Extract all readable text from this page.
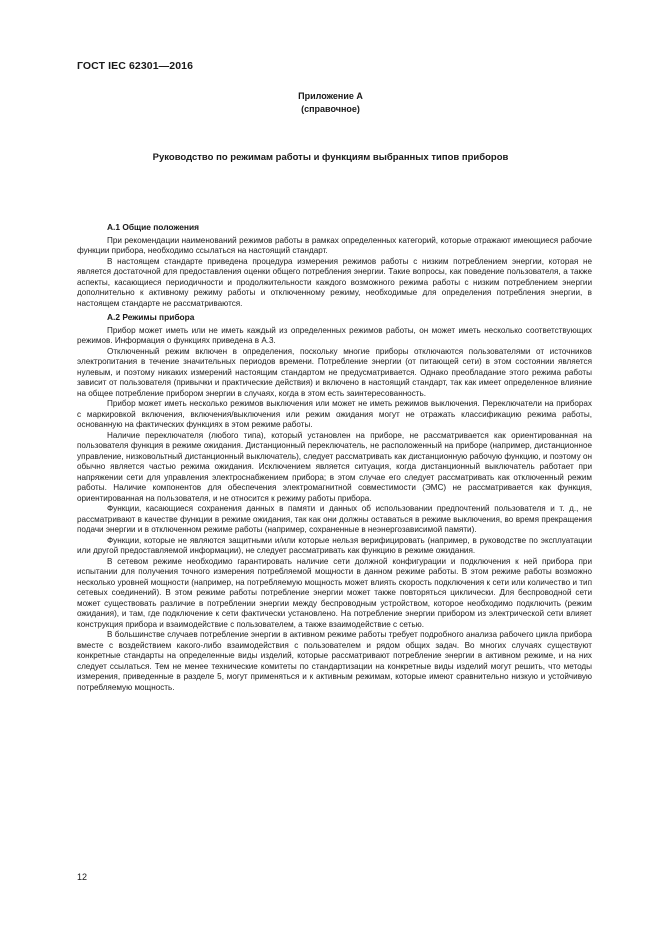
ГОСТ IEC 62301—2016
Приложение А
(справочное)
Руководство по режимам работы и функциям выбранных типов приборов
А.1 Общие положения

При рекомендации наименований режимов работы в рамках определенных категорий, которые отражают имеющиеся рабочие функции прибора, необходимо ссылаться на настоящий стандарт.

В настоящем стандарте приведена процедура измерения режимов работы с низким потреблением энергии, которая не является достаточной для предоставления оценки общего потребления энергии. Такие вопросы, как поведение пользователя, а также аспекты, касающиеся периодичности и продолжительности каждого возможного режима работы с низким потреблением энергии дополнительно к активному режиму работы и отключенному режиму, необходимые для определения потребления энергии, в настоящем стандарте не рассматриваются.

А.2 Режимы прибора

Прибор может иметь или не иметь каждый из определенных режимов работы, он может иметь несколько соответствующих режимов. Информация о функциях приведена в А.3.

Отключенный режим включен в определения, поскольку многие приборы отключаются пользователями от источников электропитания в течение значительных периодов времени. Потребление энергии (от питающей сети) в этом состоянии является нулевым, и поэтому никаких измерений настоящим стандартом не предусматривается. Однако преобладание этого режима работы зависит от пользователя (привычки и практические действия) и включено в настоящий стандарт, так как имеет определенное влияние на общее потребление прибором энергии в случаях, когда в этом есть заинтересованность.

Прибор может иметь несколько режимов выключения или может не иметь режимов выключения. Переключатели на приборах с маркировкой включения, включения/выключения или режим ожидания могут не отражать классификацию режима работы, основанную на фактических функциях в этом режиме работы.

Наличие переключателя (любого типа), который установлен на приборе, не рассматривается как ориентированная на пользователя функция в режиме ожидания. Дистанционный переключатель, не расположенный на приборе (например, дистанционное управление, низковольтный дистанционный выключатель), следует рассматривать как дистанционную рабочую функцию, и поэтому он обычно является частью режима ожидания. Исключением является ситуация, когда дистанционный выключатель работает при напряжении сети для управления электроснабжением прибора; в этом случае его следует рассматривать как отключенный режим работы. Наличие компонентов для обеспечения электромагнитной совместимости (ЭМС) не рассматривается как функция, ориентированная на пользователя, и не относится к режиму работы прибора.

Функции, касающиеся сохранения данных в памяти и данных об использовании предпочтений пользователя и т. д., не рассматривают в качестве функции в режиме ожидания, так как они должны оставаться в режиме выключения, во время прекращения подачи энергии и в отключенном режиме работы (например, сохраненные в неэнергозависимой памяти).

Функции, которые не являются защитными и/или которые нельзя верифицировать (например, в руководстве по эксплуатации или другой предоставляемой информации), не следует рассматривать как функцию в режиме ожидания.

В сетевом режиме необходимо гарантировать наличие сети должной конфигурации и подключения к ней прибора при испытании для получения точного измерения потребляемой мощности в данном режиме работы. В этом режиме работы возможно несколько уровней мощности (например, на потребляемую мощность может влиять скорость подключения к сети или количество и тип сетевых соединений). В этом режиме работы потребление энергии может также повторяться циклически. Для беспроводной сети может существовать различие в потреблении энергии между беспроводным устройством, которое необходимо подключить (режим ожидания), и там, где подключение к сети фактически установлено. На потребление энергии прибором из электрической сети влияет конструкция прибора и взаимодействие с пользователем, а также взаимодействие с сетью.

В большинстве случаев потребление энергии в активном режиме работы требует подробного анализа рабочего цикла прибора вместе с воздействием какого-либо взаимодействия с пользователем и рядом общих задач. Во многих случаях существуют конкретные стандарты на определенные виды изделий, которые рассматривают потребление энергии в активном режиме, и на них следует ссылаться. Тем не менее технические комитеты по стандартизации на конкретные виды изделий могут решить, что методы измерения, приведенные в разделе 5, могут применяться и к активным режимам, которые имеют сравнительно низкую и устойчивую потребляемую мощность.

12
